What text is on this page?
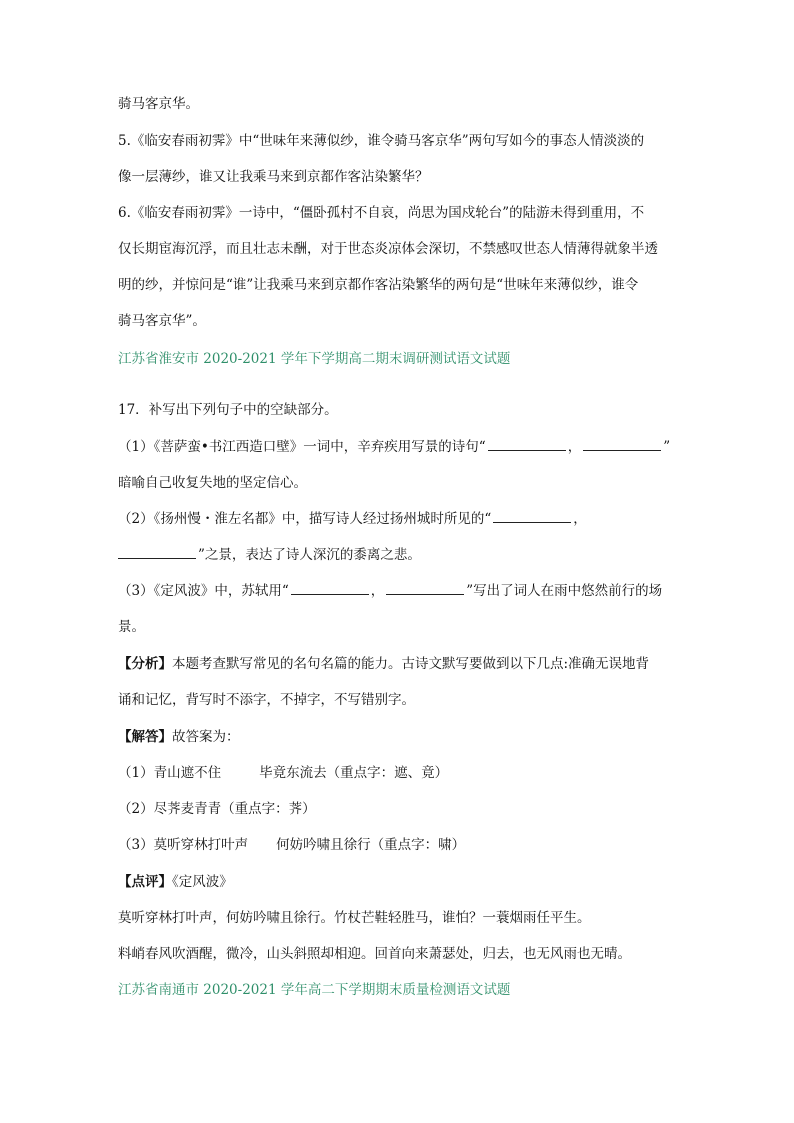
骑马客京华。
5.《临安春雨初霁》中“世味年来薄似纱，谁令骑马客京华”两句写如今的事态人情淡淡的
像一层薄纱，谁又让我乘马来到京都作客沾染繁华？
6.《临安春雨初霁》一诗中，“僵卧孤村不自哀，尚思为国戍轮台”的陆游未得到重用，不
仅长期宦海沉浮，而且壮志未酬，对于世态炎凉体会深切，不禁感叹世态人情薄得就象半透
明的纱，并惊问是“谁”让我乘马来到京都作客沾染繁华的两句是“世味年来薄似纱，谁令
骑马客京华”。
江苏省淮安市 2020-2021 学年下学期高二期末调研测试语文试题
17．补写出下列句子中的空缺部分。
（1）《菩萨蛮•书江西造口壁》一词中，辛弃疾用写景的诗句“	，	”
暗喻自己收复失地的坚定信心。
（2）《扬州慢・淮左名都》中，描写诗人经过扬州城时所见的“	，
”之景，表达了诗人深沉的黍离之悲。
（3）《定风波》中，苏轼用“	，	”写出了词人在雨中悠然前行的场
景。
【分析】本题考查默写常见的名句名篇的能力。古诗文默写要做到以下几点:准确无误地背
诵和记忆，背写时不添字，不掉字，不写错别字。
【解答】故答案为：
（1）青山遮不住	毕竟东流去（重点字：遮、竟）
（2）尽荠麦青青（重点字：荠）
（3）莫听穿林打叶声 何妨吟啸且徐行（重点字：啸）
【点评】《定风波》
莫听穿林打叶声，何妨吟啸且徐行。竹杖芒鞋轻胜马，谁怕？一蓑烟雨任平生。
料峭春风吹酒醒，微冷，山头斜照却相迎。回首向来萧瑟处，归去，也无风雨也无晴。
江苏省南通市 2020-2021 学年高二下学期期末质量检测语文试题
